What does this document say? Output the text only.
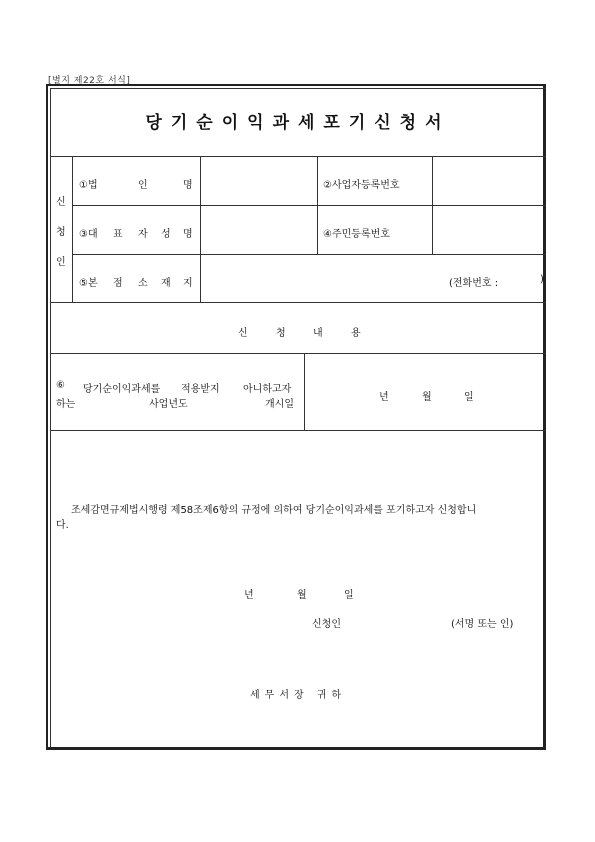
[별지 제22호 서식]
당기순이익과세포기신청서
신
청
인
①법	인	명	②사업자등록번호
③대 표 자 성 명	④주민등록번호
⑤본 점 소 재 지	(전화번호 :	)
신	청	내	용
⑥ 당기순이익과세를 적용받지 아니하고자
하는	사업년도	개시일
년	월	일
조세감면규제법시행령 제58조제6항의 규정에 의하여 당기순이익과세를 포기하고자 신청합니
다.
년	월	일
신청인	(서명 또는 인)
세무서장 귀하
